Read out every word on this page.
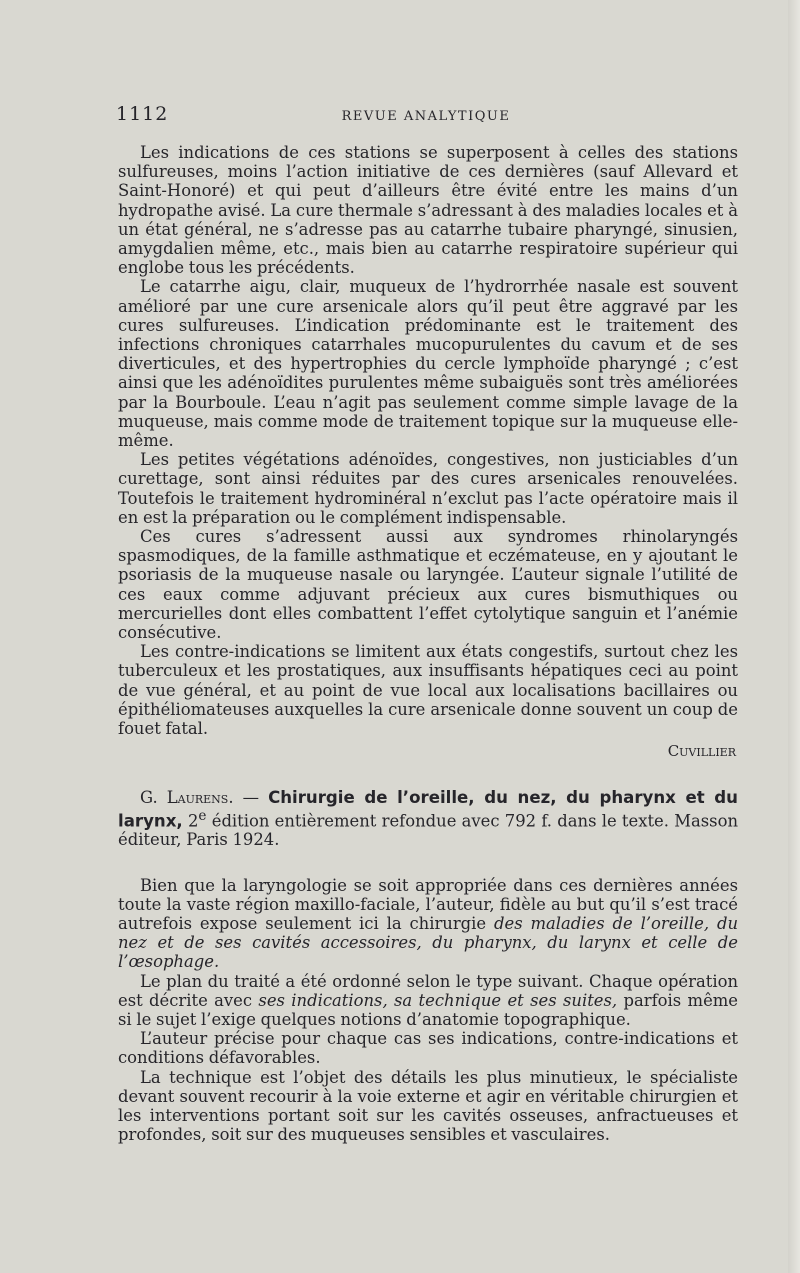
1112	REVUE ANALYTIQUE

Les indications de ces stations se superposent à celles des stations sulfureuses, moins l’action initiative de ces dernières (sauf Allevard et Saint-Honoré) et qui peut d’ailleurs être évité entre les mains d’un hydropathe avisé. La cure thermale s’adressant à des maladies locales et à un état général, ne s’adresse pas au catarrhe tubaire pharyngé, sinusien, amygdalien même, etc., mais bien au catarrhe respiratoire supérieur qui englobe tous les précédents.

Le catarrhe aigu, clair, muqueux de l’hydrorrhée nasale est souvent amélioré par une cure arsenicale alors qu’il peut être aggravé par les cures sulfureuses. L’indication prédominante est le traitement des infections chroniques catarrhales mucopurulentes du cavum et de ses diverticules, et des hypertrophies du cercle lymphoïde pharyngé ; c’est ainsi que les adénoïdites purulentes même subaiguës sont très améliorées par la Bourboule. L’eau n’agit pas seulement comme simple lavage de la muqueuse, mais comme mode de traitement topique sur la muqueuse elle-même.

Les petites végétations adénoïdes, congestives, non justiciables d’un curettage, sont ainsi réduites par des cures arsenicales renouvelées. Toutefois le traitement hydrominéral n’exclut pas l’acte opératoire mais il en est la préparation ou le complément indispensable.

Ces cures s’adressent aussi aux syndromes rhinolaryngés spasmodiques, de la famille asthmatique et eczémateuse, en y ajoutant le psoriasis de la muqueuse nasale ou laryngée. L’auteur signale l’utilité de ces eaux comme adjuvant précieux aux cures bismuthiques ou mercurielles dont elles combattent l’effet cytolytique sanguin et l’anémie consécutive.

Les contre-indications se limitent aux états congestifs, surtout chez les tuberculeux et les prostatiques, aux insuffisants hépatiques ceci au point de vue général, et au point de vue local aux localisations bacillaires ou épithéliomateuses auxquelles la cure arsenicale donne souvent un coup de fouet fatal.

Cuvillier

G. Laurens. — Chirurgie de l’oreille, du nez, du pharynx et du larynx, 2e édition entièrement refondue avec 792 f. dans le texte. Masson éditeur, Paris 1924.

Bien que la laryngologie se soit appropriée dans ces dernières années toute la vaste région maxillo-faciale, l’auteur, fidèle au but qu’il s’est tracé autrefois expose seulement ici la chirurgie des maladies de l’oreille, du nez et de ses cavités accessoires, du pharynx, du larynx et celle de l’œsophage.

Le plan du traité a été ordonné selon le type suivant. Chaque opération est décrite avec ses indications, sa technique et ses suites, parfois même si le sujet l’exige quelques notions d’anatomie topographique.

L’auteur précise pour chaque cas ses indications, contre-indications et conditions défavorables.

La technique est l’objet des détails les plus minutieux, le spécialiste devant souvent recourir à la voie externe et agir en véritable chirurgien et les interventions portant soit sur les cavités osseuses, anfractueuses et profondes, soit sur des muqueuses sensibles et vasculaires.
